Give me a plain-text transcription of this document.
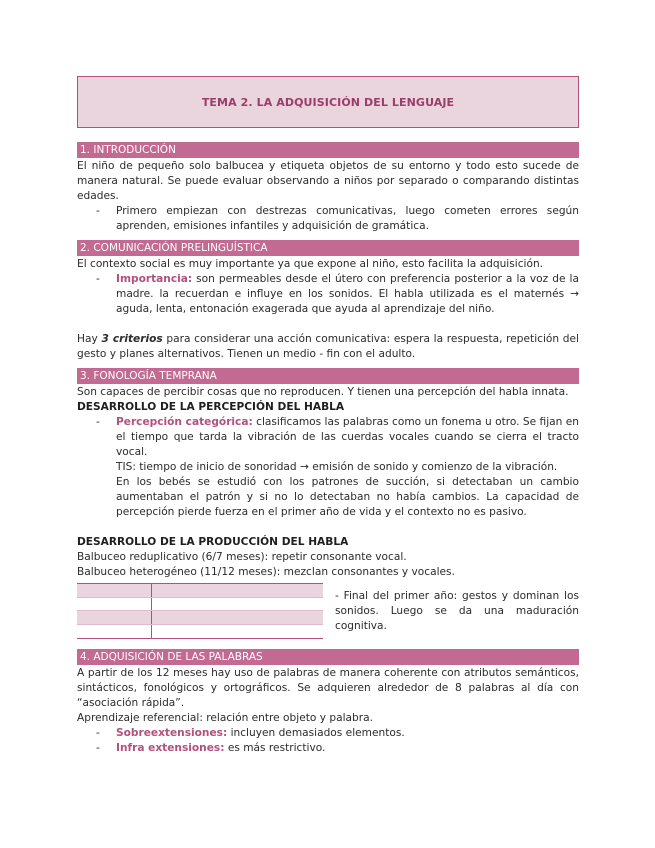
TEMA 2. LA ADQUISICIÓN DEL LENGUAJE
1. INTRODUCCIÓN

El niño de pequeño solo balbucea y etiqueta objetos de su entorno y todo esto sucede de manera natural. Se puede evaluar observando a niños por separado o comparando distintas edades.

- Primero empiezan con destrezas comunicativas, luego cometen errores según aprenden, emisiones infantiles y adquisición de gramática.
2. COMUNICACIÓN PRELINGUÍSTICA

El contexto social es muy importante ya que expone al niño, esto facilita la adquisición.

- Importancia: son permeables desde el útero con preferencia posterior a la voz de la madre. la recuerdan e influye en los sonidos. El habla utilizada es el maternés → aguda, lenta, entonación exagerada que ayuda al aprendizaje del niño.

Hay 3 criterios para considerar una acción comunicativa: espera la respuesta, repetición del gesto y planes alternativos. Tienen un medio - fin con el adulto.

3. FONOLOGÍA TEMPRANA

Son capaces de percibir cosas que no reproducen. Y tienen una percepción del habla innata.

DESARROLLO DE LA PERCEPCIÓN DEL HABLA
- Percepción categórica: clasificamos las palabras como un fonema u otro. Se fijan en el tiempo que tarda la vibración de las cuerdas vocales cuando se cierra el tracto vocal.
TIS: tiempo de inicio de sonoridad → emisión de sonido y comienzo de la vibración.
En los bebés se estudió con los patrones de succión, si detectaban un cambio aumentaban el patrón y si no lo detectaban no había cambios. La capacidad de percepción pierde fuerza en el primer año de vida y el contexto no es pasivo.
DESARROLLO DE LA PRODUCCIÓN DEL HABLA

Balbuceo reduplicativo (6/7 meses): repetir consonante vocal.

Balbuceo heterogéneo (11/12 meses): mezclan consonantes y vocales.

- Final del primer año: gestos y dominan los sonidos. Luego se da una maduración cognitiva.
4. ADQUISICIÓN DE LAS PALABRAS

A partir de los 12 meses hay uso de palabras de manera coherente con atributos semánticos, sintácticos, fonológicos y ortográficos. Se adquieren alrededor de 8 palabras al día con “asociación rápida”.

Aprendizaje referencial: relación entre objeto y palabra.

- Sobreextensiones: incluyen demasiados elementos.
- Infra extensiones: es más restrictivo.
